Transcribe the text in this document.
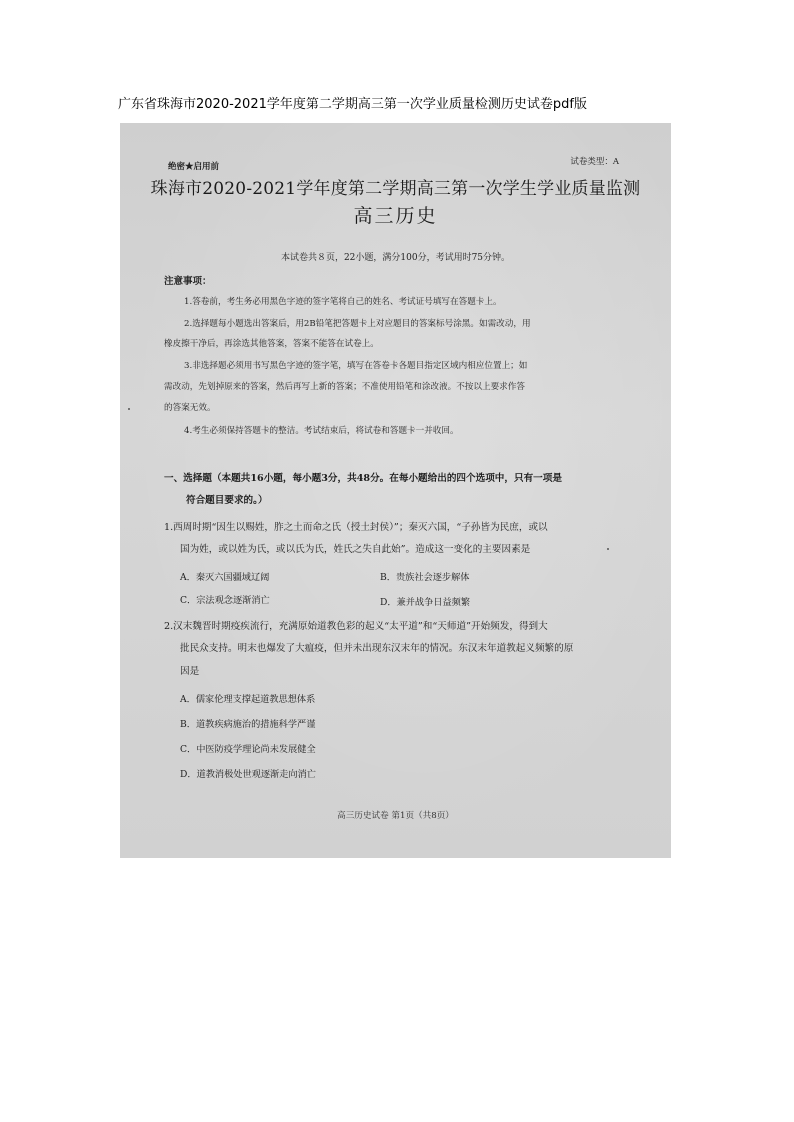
广东省珠海市2020-2021学年度第二学期高三第一次学业质量检测历史试卷pdf版
绝密★启用前	试卷类型：A
珠海市2020-2021学年度第二学期高三第一次学生学业质量监测
高三历史
本试卷共８页，22小题，满分100分，考试用时75分钟。
注意事项：
1.答卷前，考生务必用黑色字迹的签字笔将自己的姓名、考试证号填写在答题卡上。
2.选择题每小题选出答案后，用2B铅笔把答题卡上对应题目的答案标号涂黑。如需改动，用
橡皮擦干净后，再涂选其他答案，答案不能答在试卷上。
3.非选择题必须用书写黑色字迹的签字笔，填写在答卷卡各题目指定区域内相应位置上；如
需改动，先划掉原来的答案，然后再写上新的答案；不准使用铅笔和涂改液。不按以上要求作答
的答案无效。
4.考生必须保持答题卡的整洁。考试结束后，将试卷和答题卡一并收回。
一、选择题（本题共16小题，每小题3分，共48分。在每小题给出的四个选项中，只有一项是
符合题目要求的。）
1.西周时期“因生以赐姓，胙之土而命之氏（授土封侯）”；秦灭六国，“子孙皆为民庶，或以
国为姓，或以姓为氏，或以氏为氏，姓氏之失自此始”。造成这一变化的主要因素是
A．秦灭六国疆域辽阔	B．贵族社会逐步解体
C．宗法观念逐渐消亡	D．兼并战争日益频繁
2.汉末魏晋时期疫疾流行，充满原始道教色彩的起义“太平道”和“天师道”开始频发，得到大
批民众支持。明末也爆发了大瘟疫，但并未出现东汉末年的情况。东汉末年道教起义频繁的原
因是
A．儒家伦理支撑起道教思想体系
B．道教疾病施治的措施科学严谨
C．中医防疫学理论尚未发展健全
D．道教消极处世观逐渐走向消亡
高三历史试卷 第1页（共8页）
